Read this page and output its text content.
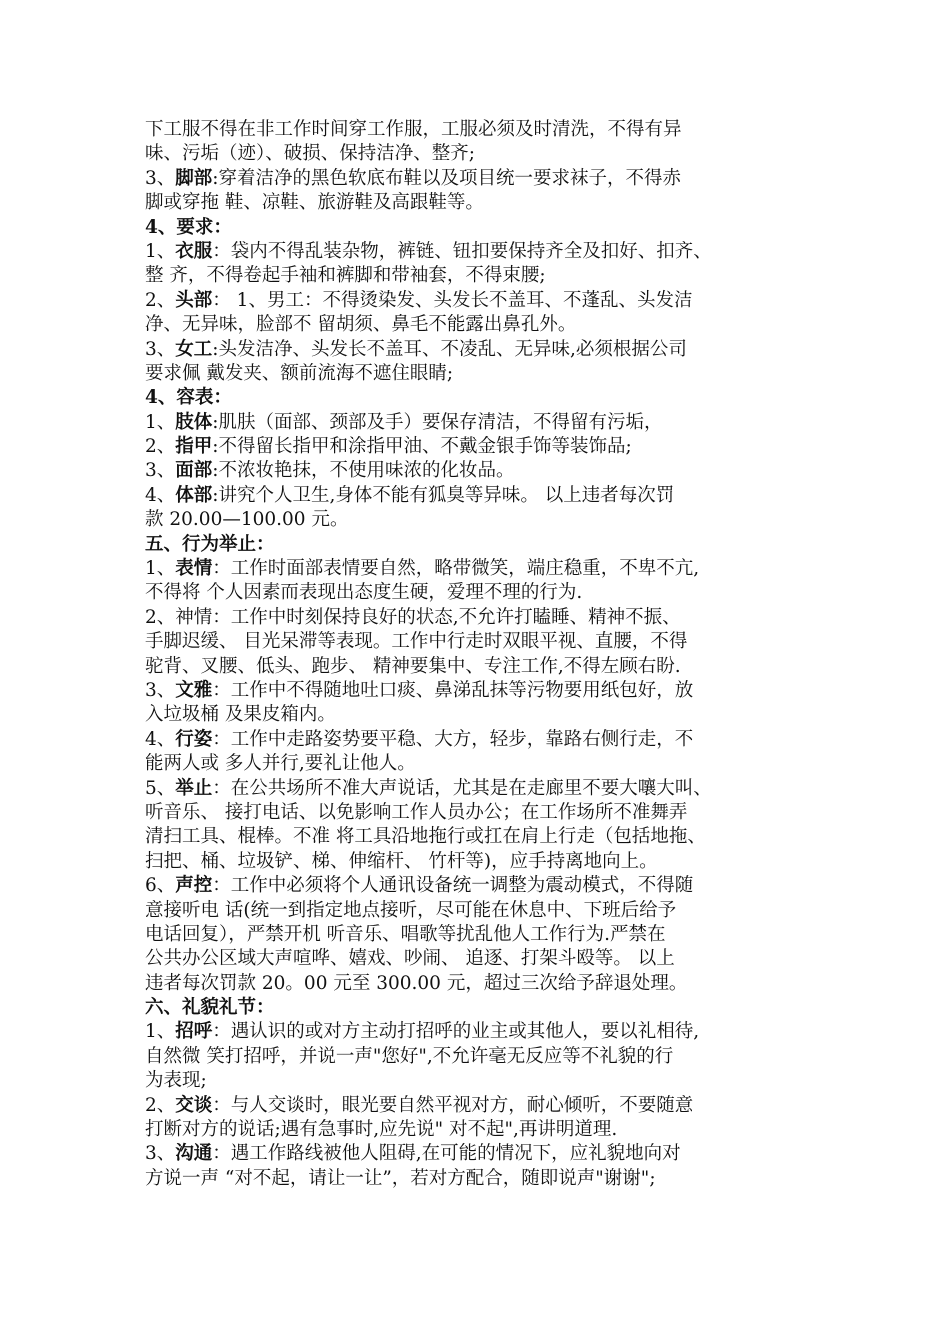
下工服不得在非工作时间穿工作服，工服必须及时清洗，不得有异
味、污垢（迹）、破损、保持洁净、整齐;
3、脚部:穿着洁净的黑色软底布鞋以及项目统一要求袜子，不得赤
脚或穿拖 鞋、凉鞋、旅游鞋及高跟鞋等。
4、要求：
1、衣服：袋内不得乱装杂物，裤链、钮扣要保持齐全及扣好、扣齐、
整 齐，不得卷起手袖和裤脚和带袖套，不得束腰;
2、头部： 1、男工：不得烫染发、头发长不盖耳、不蓬乱、头发洁
净、无异味，脸部不 留胡须、鼻毛不能露出鼻孔外。
3、女工:头发洁净、头发长不盖耳、不凌乱、无异味,必须根据公司
要求佩 戴发夹、额前流海不遮住眼睛;
4、容表：
1、肢体:肌肤（面部、颈部及手）要保存清洁，不得留有污垢，
2、指甲:不得留长指甲和涂指甲油、不戴金银手饰等装饰品;
3、面部:不浓妆艳抹，不使用味浓的化妆品。
4、体部:讲究个人卫生,身体不能有狐臭等异味。 以上违者每次罚
款 20.00—100.00 元。
五、行为举止：
1、表情：工作时面部表情要自然，略带微笑，端庄稳重，不卑不亢,
不得将 个人因素而表现出态度生硬，爱理不理的行为.
2、神情：工作中时刻保持良好的状态,不允许打瞌睡、精神不振、
手脚迟缓、 目光呆滞等表现。工作中行走时双眼平视、直腰，不得
驼背、叉腰、低头、跑步、 精神要集中、专注工作,不得左顾右盼.
3、文雅：工作中不得随地吐口痰、鼻涕乱抹等污物要用纸包好，放
入垃圾桶 及果皮箱内。
4、行姿：工作中走路姿势要平稳、大方，轻步，靠路右侧行走，不
能两人或 多人并行,要礼让他人。
5、举止：在公共场所不准大声说话，尤其是在走廊里不要大嚷大叫、
听音乐、 接打电话、以免影响工作人员办公；在工作场所不准舞弄
清扫工具、棍棒。不准 将工具沿地拖行或扛在肩上行走（包括地拖、
扫把、桶、垃圾铲、梯、伸缩杆、 竹杆等)，应手持离地向上。
6、声控：工作中必须将个人通讯设备统一调整为震动模式，不得随
意接听电 话(统一到指定地点接听，尽可能在休息中、下班后给予
电话回复），严禁开机 听音乐、唱歌等扰乱他人工作行为.严禁在
公共办公区域大声喧哗、嬉戏、吵闹、 追逐、打架斗殴等。 以上
违者每次罚款 20。00 元至 300.00 元，超过三次给予辞退处理。
六、礼貌礼节：
1、招呼：遇认识的或对方主动打招呼的业主或其他人，要以礼相待,
自然微 笑打招呼，并说一声"您好",不允许毫无反应等不礼貌的行
为表现;
2、交谈：与人交谈时，眼光要自然平视对方，耐心倾听，不要随意
打断对方的说话;遇有急事时,应先说" 对不起",再讲明道理.
3、沟通：遇工作路线被他人阻碍,在可能的情况下，应礼貌地向对
方说一声 “对不起，请让一让”，若对方配合，随即说声"谢谢";
